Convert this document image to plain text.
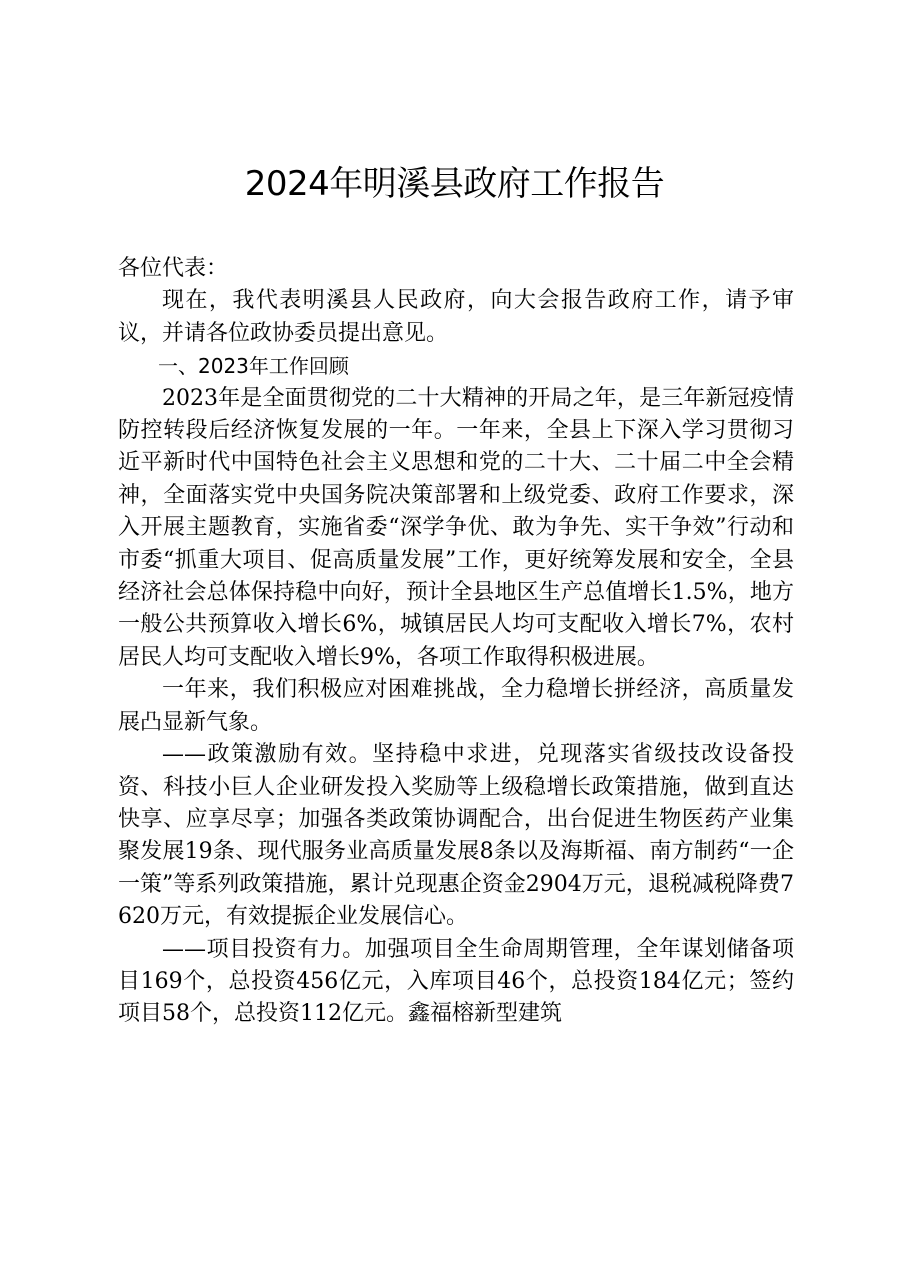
2024年明溪县政府工作报告

各位代表：

现在，我代表明溪县人民政府，向大会报告政府工作，请予审议，并请各位政协委员提出意见。

一、2023年工作回顾

2023年是全面贯彻党的二十大精神的开局之年，是三年新冠疫情防控转段后经济恢复发展的一年。一年来，全县上下深入学习贯彻习近平新时代中国特色社会主义思想和党的二十大、二十届二中全会精神，全面落实党中央国务院决策部署和上级党委、政府工作要求，深入开展主题教育，实施省委“深学争优、敢为争先、实干争效”行动和市委“抓重大项目、促高质量发展”工作，更好统筹发展和安全，全县经济社会总体保持稳中向好，预计全县地区生产总值增长1.5%，地方一般公共预算收入增长6%，城镇居民人均可支配收入增长7%，农村居民人均可支配收入增长9%，各项工作取得积极进展。

一年来，我们积极应对困难挑战，全力稳增长拼经济，高质量发展凸显新气象。

——政策激励有效。坚持稳中求进，兑现落实省级技改设备投资、科技小巨人企业研发投入奖励等上级稳增长政策措施，做到直达快享、应享尽享；加强各类政策协调配合，出台促进生物医药产业集聚发展19条、现代服务业高质量发展8条以及海斯福、南方制药“一企一策”等系列政策措施，累计兑现惠企资金2904万元，退税减税降费7620万元，有效提振企业发展信心。

——项目投资有力。加强项目全生命周期管理，全年谋划储备项目169个，总投资456亿元，入库项目46个，总投资184亿元；签约项目58个，总投资112亿元。鑫福榕新型建筑
